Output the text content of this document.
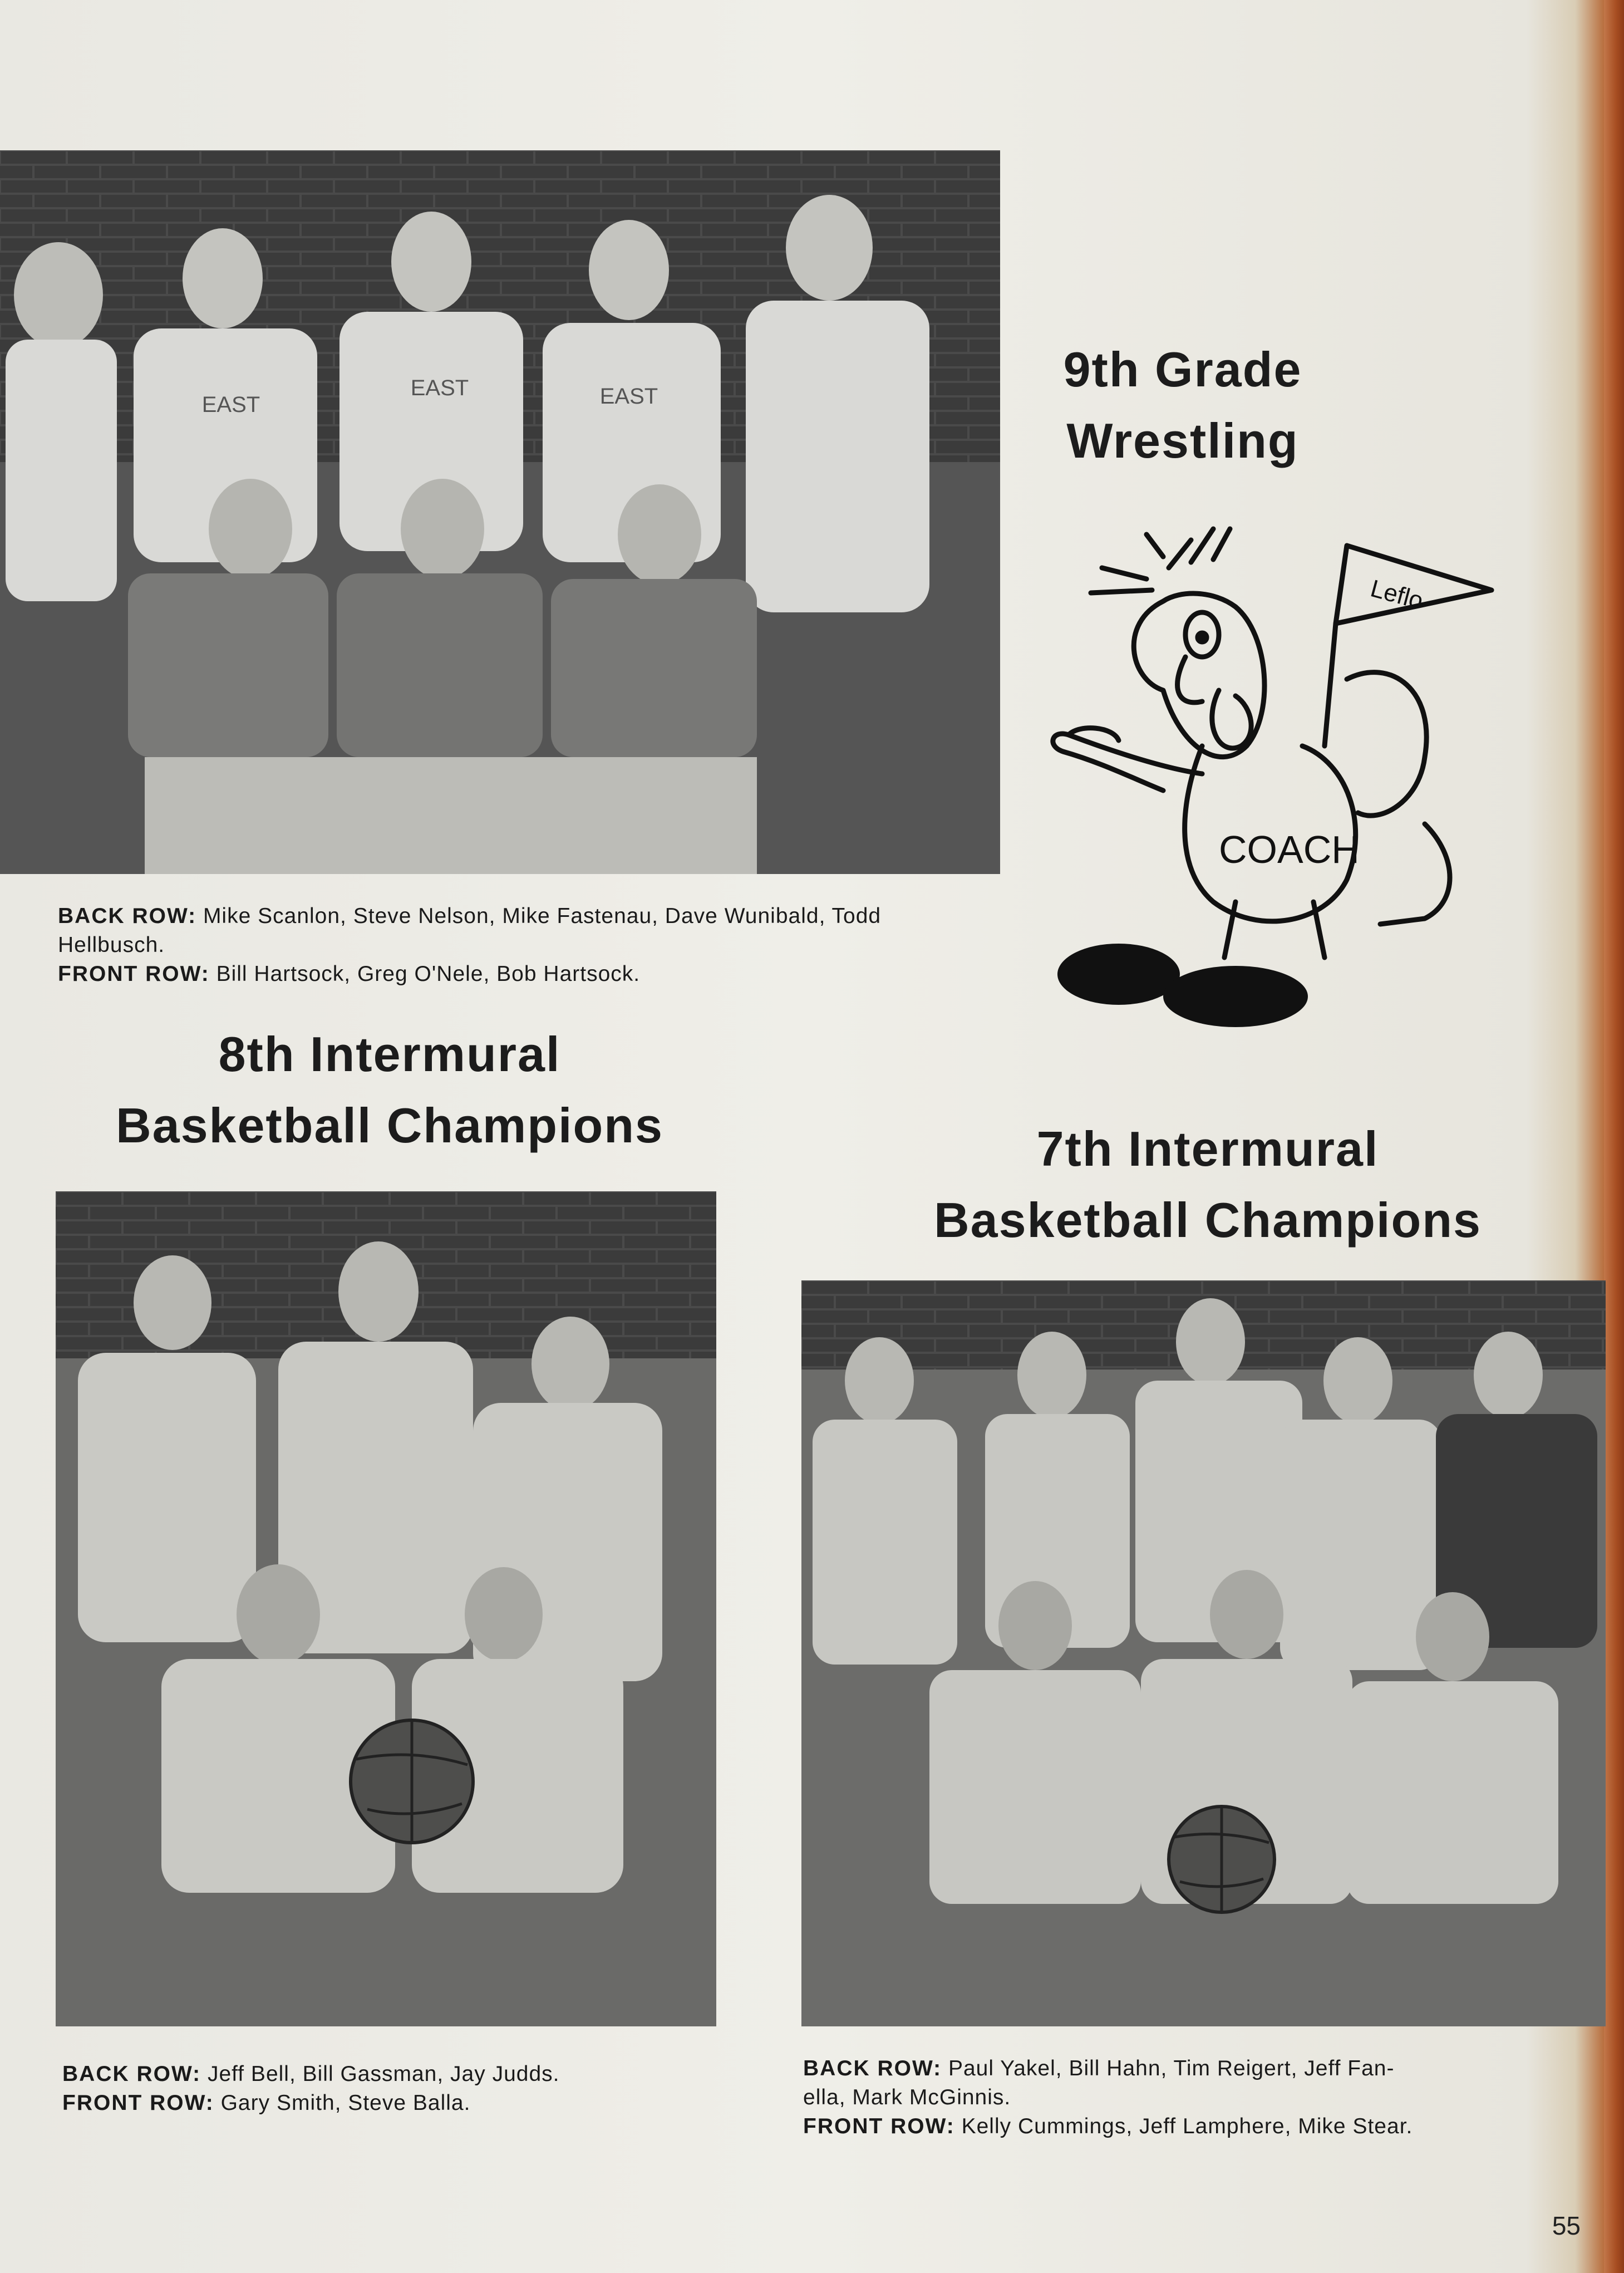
EAST
EAST	EAST
BACK ROW: Mike Scanlon, Steve Nelson, Mike Fastenau, Dave Wunibald, Todd
Hellbusch.
FRONT ROW: Bill Hartsock, Greg O'Nele, Bob Hartsock.
9th Grade
Wrestling
COACH
Leflo
8th Intermural
Basketball Champions	7th Intermural
Basketball Champions
BACK ROW: Jeff Bell, Bill Gassman, Jay Judds.
FRONT ROW: Gary Smith, Steve Balla.
BACK ROW: Paul Yakel, Bill Hahn, Tim Reigert, Jeff Fan-
ella, Mark McGinnis.
FRONT ROW: Kelly Cummings, Jeff Lamphere, Mike Stear.
55
